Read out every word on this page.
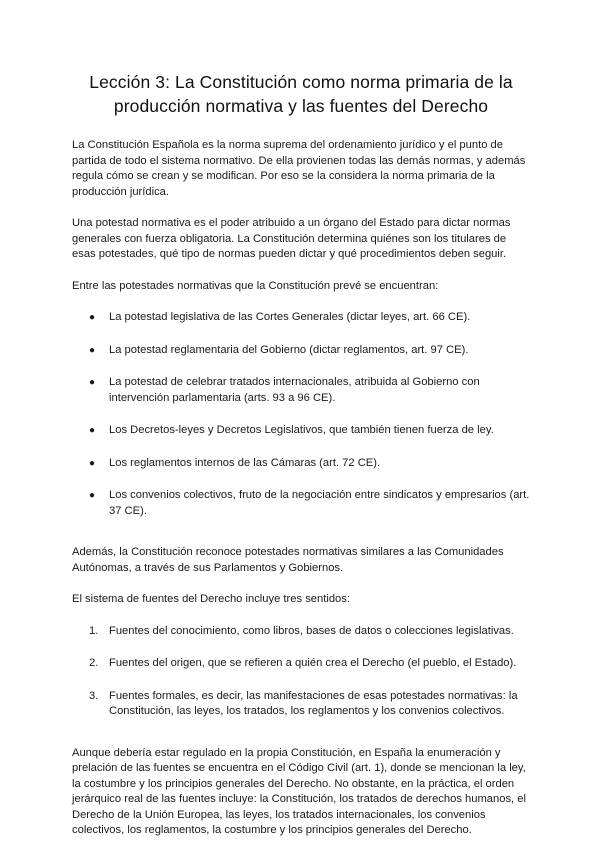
Lección 3: La Constitución como norma primaria de la producción normativa y las fuentes del Derecho

La Constitución Española es la norma suprema del ordenamiento jurídico y el punto de partida de todo el sistema normativo. De ella provienen todas las demás normas, y además regula cómo se crean y se modifican. Por eso se la considera la norma primaria de la producción jurídica.

Una potestad normativa es el poder atribuido a un órgano del Estado para dictar normas generales con fuerza obligatoria. La Constitución determina quiénes son los titulares de esas potestades, qué tipo de normas pueden dictar y qué procedimientos deben seguir.

Entre las potestades normativas que la Constitución prevé se encuentran:

● La potestad legislativa de las Cortes Generales (dictar leyes, art. 66 CE).
● La potestad reglamentaria del Gobierno (dictar reglamentos, art. 97 CE).
● La potestad de celebrar tratados internacionales, atribuida al Gobierno con intervención parlamentaria (arts. 93 a 96 CE).
● Los Decretos-leyes y Decretos Legislativos, que también tienen fuerza de ley.
● Los reglamentos internos de las Cámaras (art. 72 CE).
● Los convenios colectivos, fruto de la negociación entre sindicatos y empresarios (art. 37 CE).

Además, la Constitución reconoce potestades normativas similares a las Comunidades Autónomas, a través de sus Parlamentos y Gobiernos.

El sistema de fuentes del Derecho incluye tres sentidos:

1. Fuentes del conocimiento, como libros, bases de datos o colecciones legislativas.
2. Fuentes del origen, que se refieren a quién crea el Derecho (el pueblo, el Estado).
3. Fuentes formales, es decir, las manifestaciones de esas potestades normativas: la Constitución, las leyes, los tratados, los reglamentos y los convenios colectivos.

Aunque debería estar regulado en la propia Constitución, en España la enumeración y prelación de las fuentes se encuentra en el Código Civil (art. 1), donde se mencionan la ley, la costumbre y los principios generales del Derecho. No obstante, en la práctica, el orden jerárquico real de las fuentes incluye: la Constitución, los tratados de derechos humanos, el Derecho de la Unión Europea, las leyes, los tratados internacionales, los convenios colectivos, los reglamentos, la costumbre y los principios generales del Derecho.
